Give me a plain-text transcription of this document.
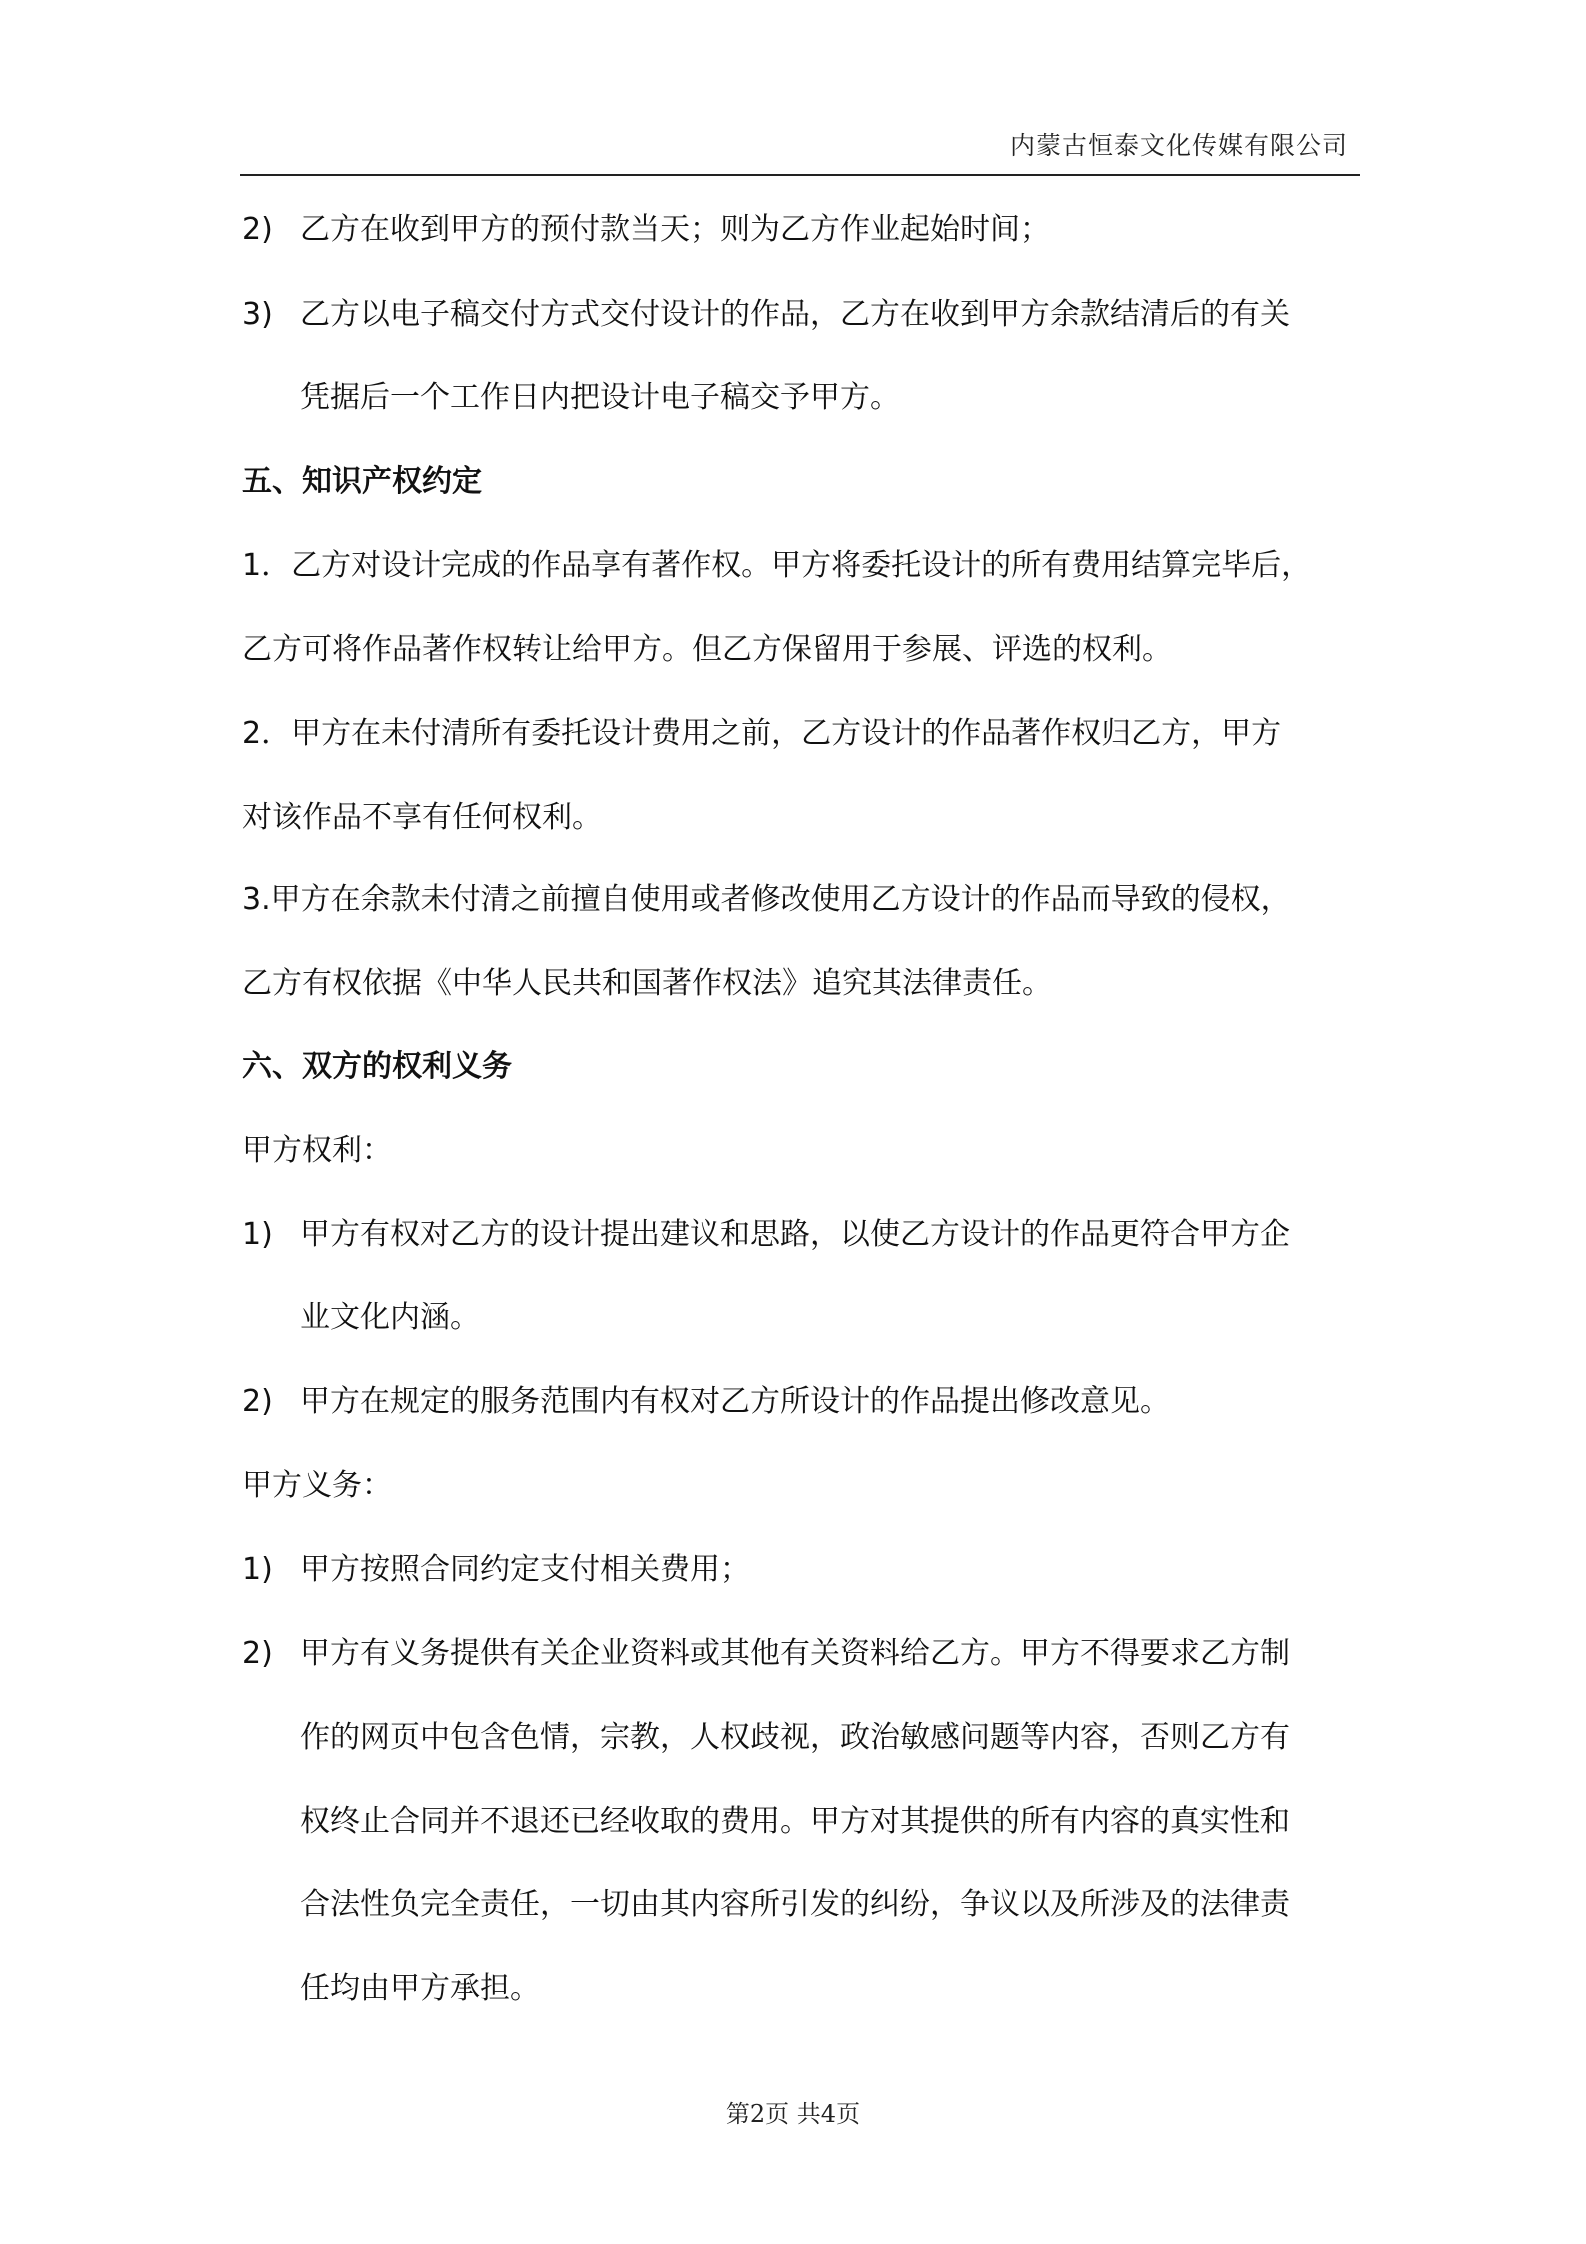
内蒙古恒泰文化传媒有限公司
2) 乙方在收到甲方的预付款当天；则为乙方作业起始时间；
3) 乙方以电子稿交付方式交付设计的作品，乙方在收到甲方余款结清后的有关
凭据后一个工作日内把设计电子稿交予甲方。
五、知识产权约定
1．乙方对设计完成的作品享有著作权。甲方将委托设计的所有费用结算完毕后，
乙方可将作品著作权转让给甲方。但乙方保留用于参展、评选的权利。
2．甲方在未付清所有委托设计费用之前，乙方设计的作品著作权归乙方，甲方
对该作品不享有任何权利。
3.甲方在余款未付清之前擅自使用或者修改使用乙方设计的作品而导致的侵权，
乙方有权依据《中华人民共和国著作权法》追究其法律责任。
六、双方的权利义务
甲方权利：
1) 甲方有权对乙方的设计提出建议和思路，以使乙方设计的作品更符合甲方企
业文化内涵。
2) 甲方在规定的服务范围内有权对乙方所设计的作品提出修改意见。
甲方义务：
1) 甲方按照合同约定支付相关费用；
2) 甲方有义务提供有关企业资料或其他有关资料给乙方。甲方不得要求乙方制
作的网页中包含色情，宗教，人权歧视，政治敏感问题等内容，否则乙方有
权终止合同并不退还已经收取的费用。甲方对其提供的所有内容的真实性和
合法性负完全责任，一切由其内容所引发的纠纷，争议以及所涉及的法律责
任均由甲方承担。
第2页 共4页
